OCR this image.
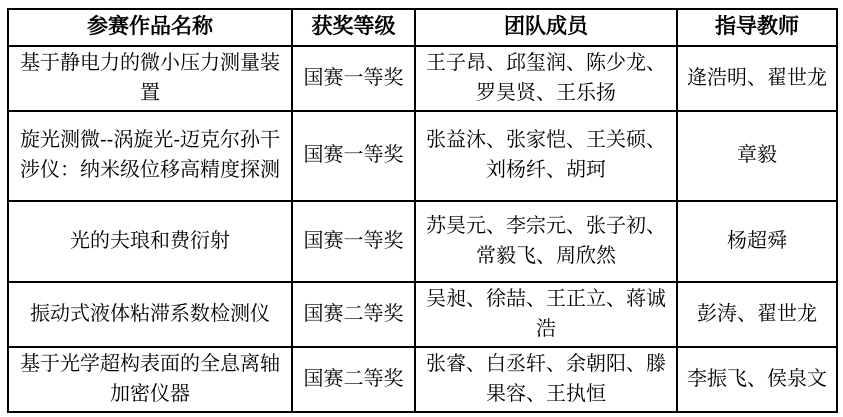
参赛作品名称	获奖等级	团队成员	指导教师
基于静电力的微小压力测量装置	国赛一等奖	王子昂、邱玺润、陈少龙、罗昊贤、王乐扬	逄浩明、翟世龙
旋光测微--涡旋光-迈克尔孙干涉仪：纳米级位移高精度探测	国赛一等奖	张益沐、张家恺、王关硕、刘杨纤、胡珂	章毅
光的夫琅和费衍射	国赛一等奖	苏昊元、李宗元、张子初、常毅飞、周欣然	杨超舜
振动式液体粘滞系数检测仪	国赛二等奖	吴昶、徐喆、王正立、蒋诚浩	彭涛、翟世龙
基于光学超构表面的全息离轴加密仪器	国赛二等奖	张睿、白丞轩、余朝阳、滕果容、王执恒	李振飞、侯泉文
